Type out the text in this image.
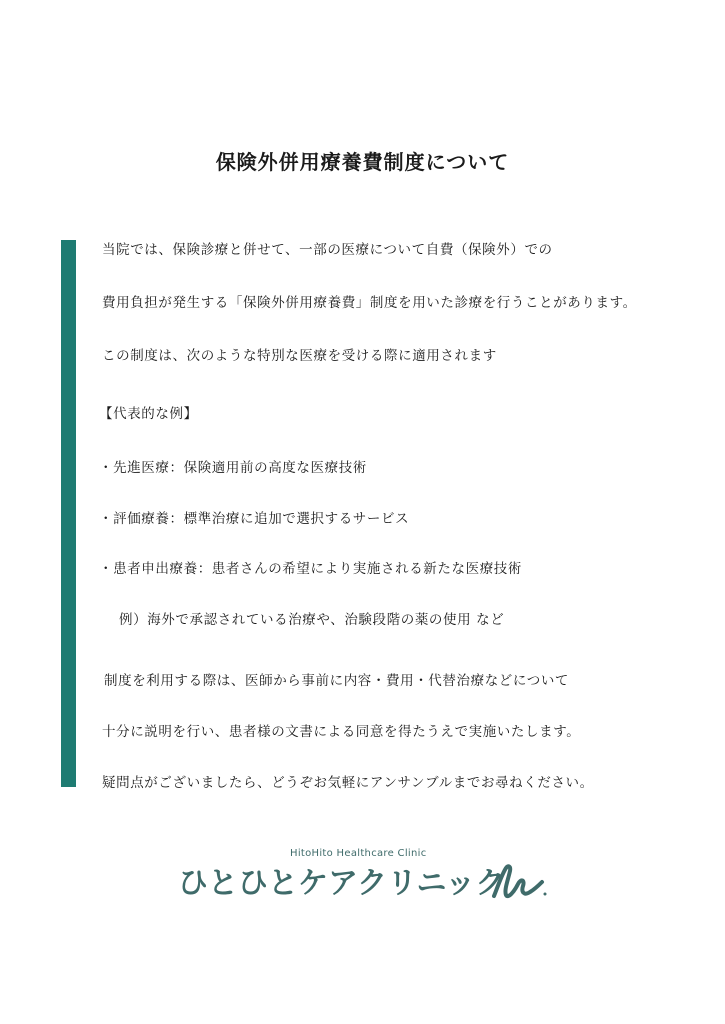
保険外併用療養費制度について
当院では、保険診療と併せて、一部の医療について自費（保険外）での
費用負担が発生する「保険外併用療養費」制度を用いた診療を行うことがあります。
この制度は、次のような特別な医療を受ける際に適用されます
【代表的な例】
・先進医療：保険適用前の高度な医療技術
・評価療養：標準治療に追加で選択するサービス
・患者申出療養：患者さんの希望により実施される新たな医療技術
例）海外で承認されている治療や、治験段階の薬の使用 など
制度を利用する際は、医師から事前に内容・費用・代替治療などについて
十分に説明を行い、患者様の文書による同意を得たうえで実施いたします。
疑問点がございましたら、どうぞお気軽にアンサンブルまでお尋ねください。
HitoHito Healthcare Clinic
ひとひとケアクリニック
